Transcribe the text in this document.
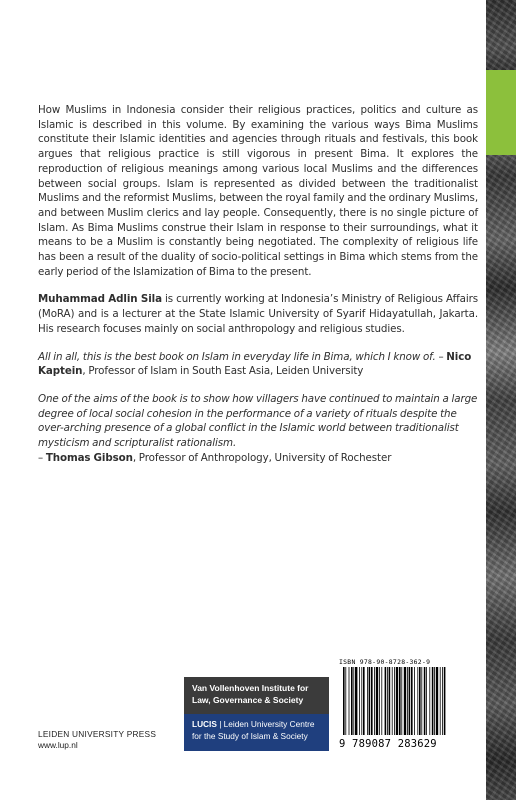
How Muslims in Indonesia consider their religious practices, politics and culture as Islamic is described in this volume. By examining the various ways Bima Muslims constitute their Islamic identities and agencies through rituals and festivals, this book argues that religious practice is still vigorous in present Bima. It explores the reproduction of religious meanings among various local Muslims and the differences between social groups. Islam is represented as divided between the traditionalist Muslims and the reformist Muslims, between the royal family and the ordinary Muslims, and between Muslim clerics and lay people. Consequently, there is no single picture of Islam. As Bima Muslims construe their Islam in response to their surroundings, what it means to be a Muslim is constantly being negotiated. The complexity of religious life has been a result of the duality of socio-political settings in Bima which stems from the early period of the Islamization of Bima to the present.

Muhammad Adlin Sila is currently working at Indonesia’s Ministry of Religious Affairs (MoRA) and is a lecturer at the State Islamic University of Syarif Hidayatullah, Jakarta. His research focuses mainly on social anthropology and religious studies.

All in all, this is the best book on Islam in everyday life in Bima, which I know of. – Nico Kaptein, Professor of Islam in South East Asia, Leiden University

One of the aims of the book is to show how villagers have continued to maintain a large degree of local social cohesion in the performance of a variety of rituals despite the over-arching presence of a global conflict in the Islamic world between traditionalist mysticism and scripturalist rationalism.
– Thomas Gibson, Professor of Anthropology, University of Rochester

Van Vollenhoven Institute for
Law, Governance & Society
LUCIS | Leiden University Centre
for the Study of Islam & Society
LEIDEN UNIVERSITY PRESS
www.lup.nl
ISBN 978-90-8728-362-9
9 789087 283629
